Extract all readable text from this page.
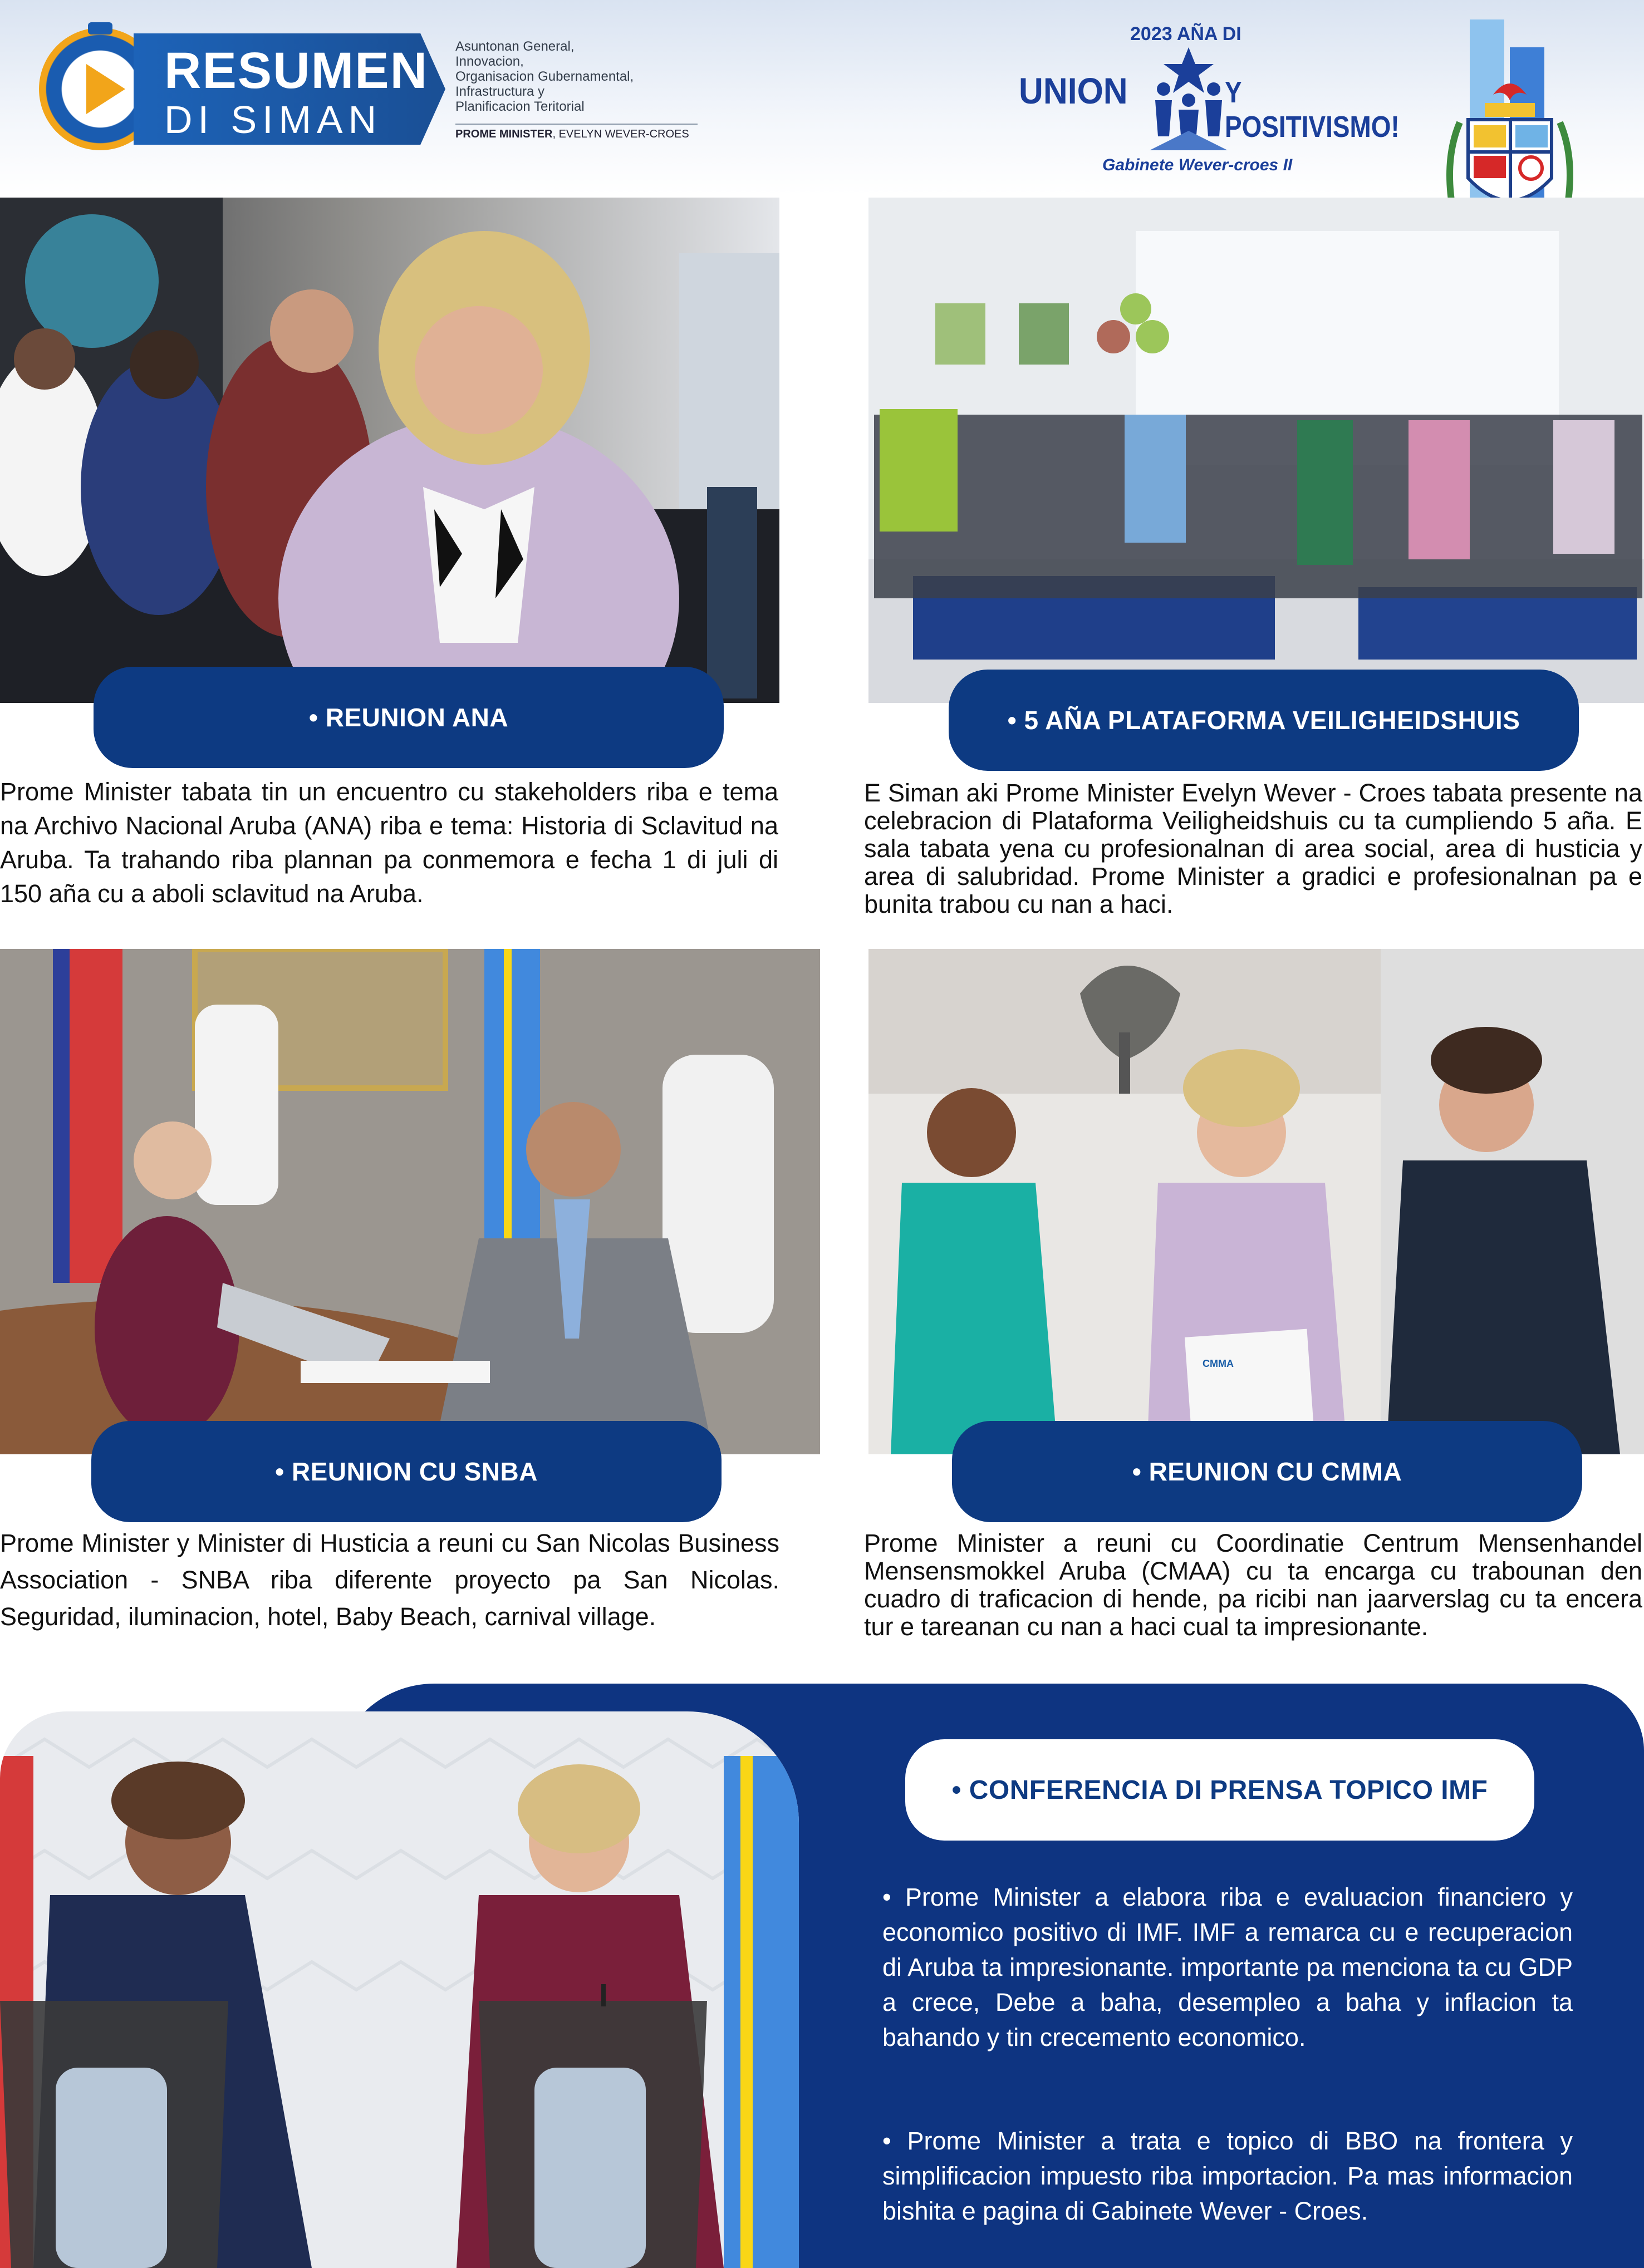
RESUMEN
DI SIMAN
Asuntonan General,
Innovacion,
Organisacion Gubernamental,
Infrastructura y
Planificacion Teritorial
PROME MINISTER, EVELYN WEVER-CROES
2023 AÑA DI
UNION	Y POSITIVISMO!
Gabinete Wever-croes II
• REUNION ANA
Prome Minister tabata tin un encuentro cu stakeholders riba e tema na Archivo Nacional Aruba (ANA) riba e tema: Historia di Sclavitud na Aruba. Ta trahando riba plannan pa conmemora e fecha 1 di juli di 150 aña cu a aboli sclavitud na Aruba.
• 5 AÑA PLATAFORMA VEILIGHEIDSHUIS
E Siman aki Prome Minister Evelyn Wever - Croes tabata presente na celebracion di Plataforma Veiligheidshuis cu ta cumpliendo 5 aña. E sala tabata yena cu profesionalnan di area social, area di husticia y area di salubridad. Prome Minister a gradici e profesionalnan pa e bunita trabou cu nan a haci.
• REUNION CU SNBA
Prome Minister y Minister di Husticia a reuni cu San Nicolas Business Association - SNBA riba diferente proyecto pa San Nicolas. Seguridad, iluminacion, hotel, Baby Beach, carnival village.
CMMA
• REUNION CU CMMA
Prome Minister a reuni cu Coordinatie Centrum Mensenhandel Mensensmokkel Aruba (CMAA) cu ta encarga cu trabounan den cuadro di traficacion di hende, pa ricibi nan jaarverslag cu ta encera tur e tareanan cu nan a haci cual ta impresionante.
• CONFERENCIA DI PRENSA TOPICO IMF
• Prome Minister a elabora riba e evaluacion financiero y economico positivo di IMF. IMF a remarca cu e recuperacion di Aruba ta impresionante. importante pa menciona ta cu GDP a crece, Debe a baha, desempleo a baha y inflacion ta bahando y tin crecemento economico.
• Prome Minister a trata e topico di BBO na frontera y simplificacion impuesto riba importacion. Pa mas informacion bishita e pagina di Gabinete Wever - Croes.
